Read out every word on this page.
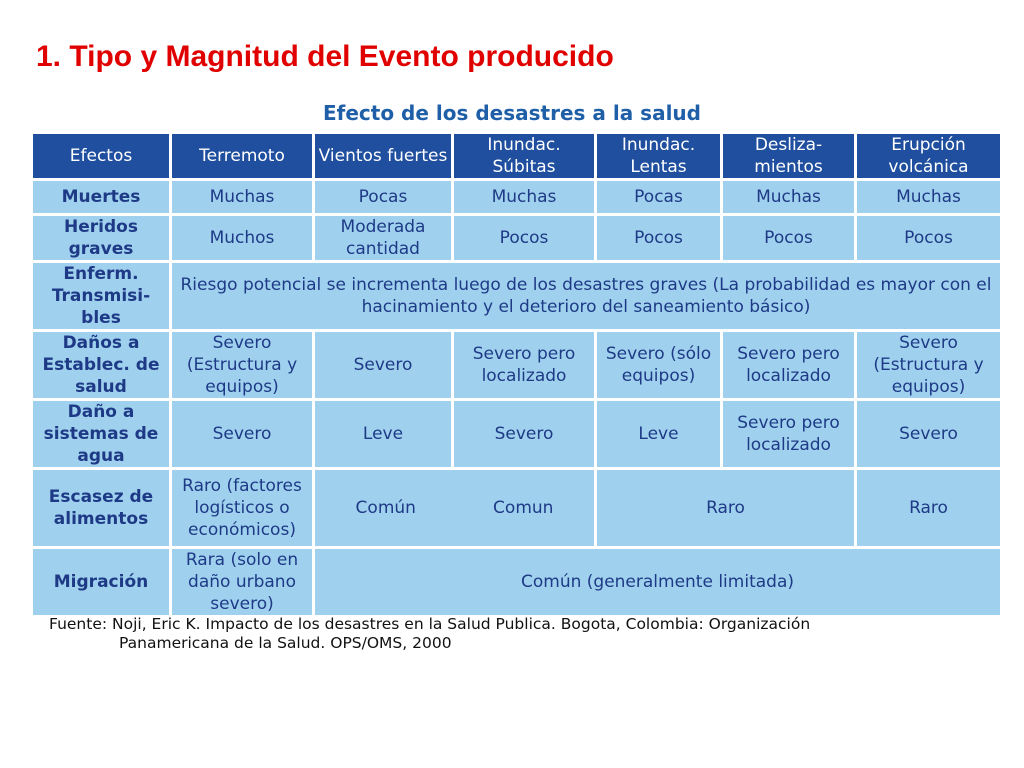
1. Tipo y Magnitud del Evento producido
Efecto de los desastres a la salud
Efectos	Terremoto	Vientos fuertes	Inundac. Súbitas	Inundac. Lentas	Desliza-mientos	Erupción volcánica
Muertes	Muchas	Pocas	Muchas	Pocas	Muchas	Muchas
Heridos graves	Muchos	Moderada cantidad	Pocos	Pocos	Pocos	Pocos
Enferm. Transmisi-bles	Riesgo potencial se incrementa luego de los desastres graves (La probabilidad es mayor con el hacinamiento y el deterioro del saneamiento básico)					
Daños a Establec. de salud	Severo (Estructura y equipos)	Severo	Severo pero localizado	Severo (sólo equipos)	Severo pero localizado	Severo (Estructura y equipos)
Daño a sistemas de agua	Severo	Leve	Severo	Leve	Severo pero localizado	Severo
Escasez de alimentos	Raro (factores logísticos o económicos)	Común Comun		Raro		Raro
Migración	Rara (solo en daño urbano severo)	Común (generalmente limitada)				
Fuente: Noji, Eric K. Impacto de los desastres en la Salud Publica. Bogota, Colombia: Organización
Panamericana de la Salud. OPS/OMS, 2000
